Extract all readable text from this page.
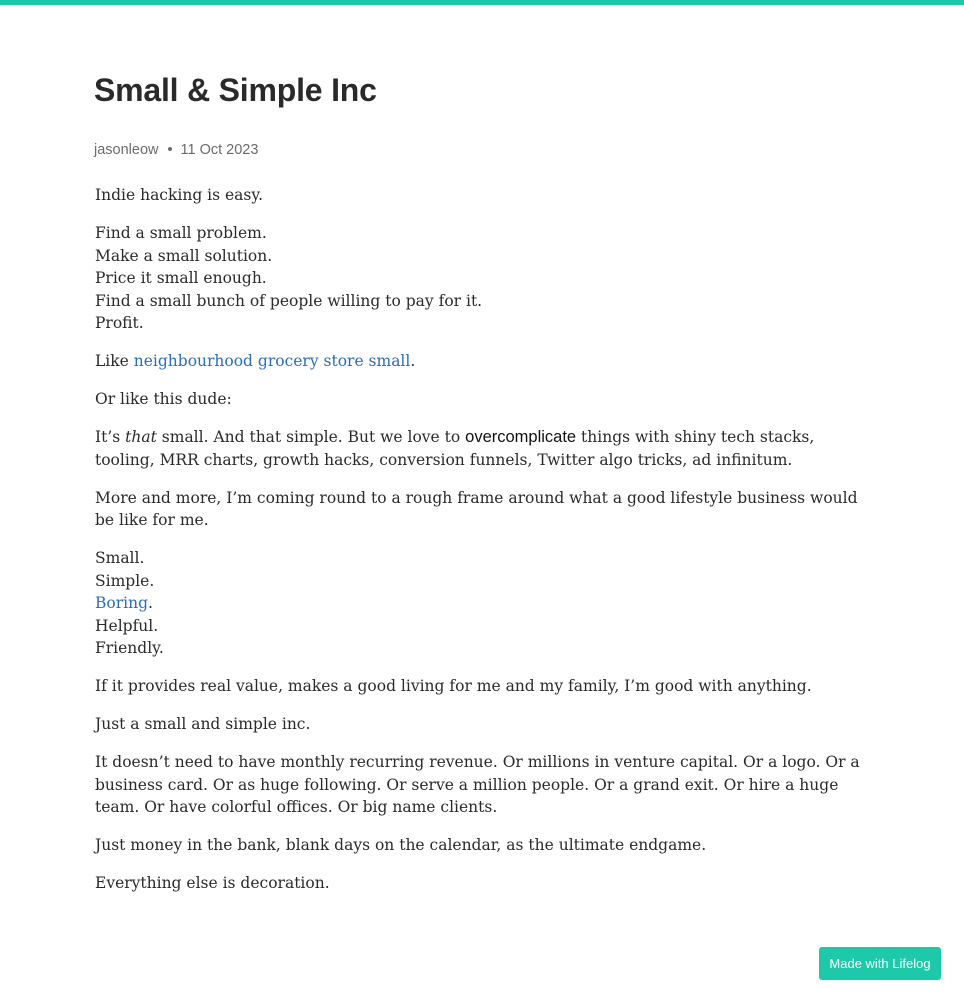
Small & Simple Inc
jasonleow 11 Oct 2023

Indie hacking is easy.

Find a small problem.
Make a small solution.
Price it small enough.
Find a small bunch of people willing to pay for it.
Profit.

Like neighbourhood grocery store small.

Or like this dude:

It’s that small. And that simple. But we love to overcomplicate things with shiny tech stacks, tooling, MRR charts, growth hacks, conversion funnels, Twitter algo tricks, ad infinitum.

More and more, I’m coming round to a rough frame around what a good lifestyle business would be like for me.

Small.
Simple.
Boring.
Helpful.
Friendly.

If it provides real value, makes a good living for me and my family, I’m good with anything.

Just a small and simple inc.

It doesn’t need to have monthly recurring revenue. Or millions in venture capital. Or a logo. Or a business card. Or as huge following. Or serve a million people. Or a grand exit. Or hire a huge team. Or have colorful offices. Or big name clients.

Just money in the bank, blank days on the calendar, as the ultimate endgame.

Everything else is decoration.

Made with Lifelog
